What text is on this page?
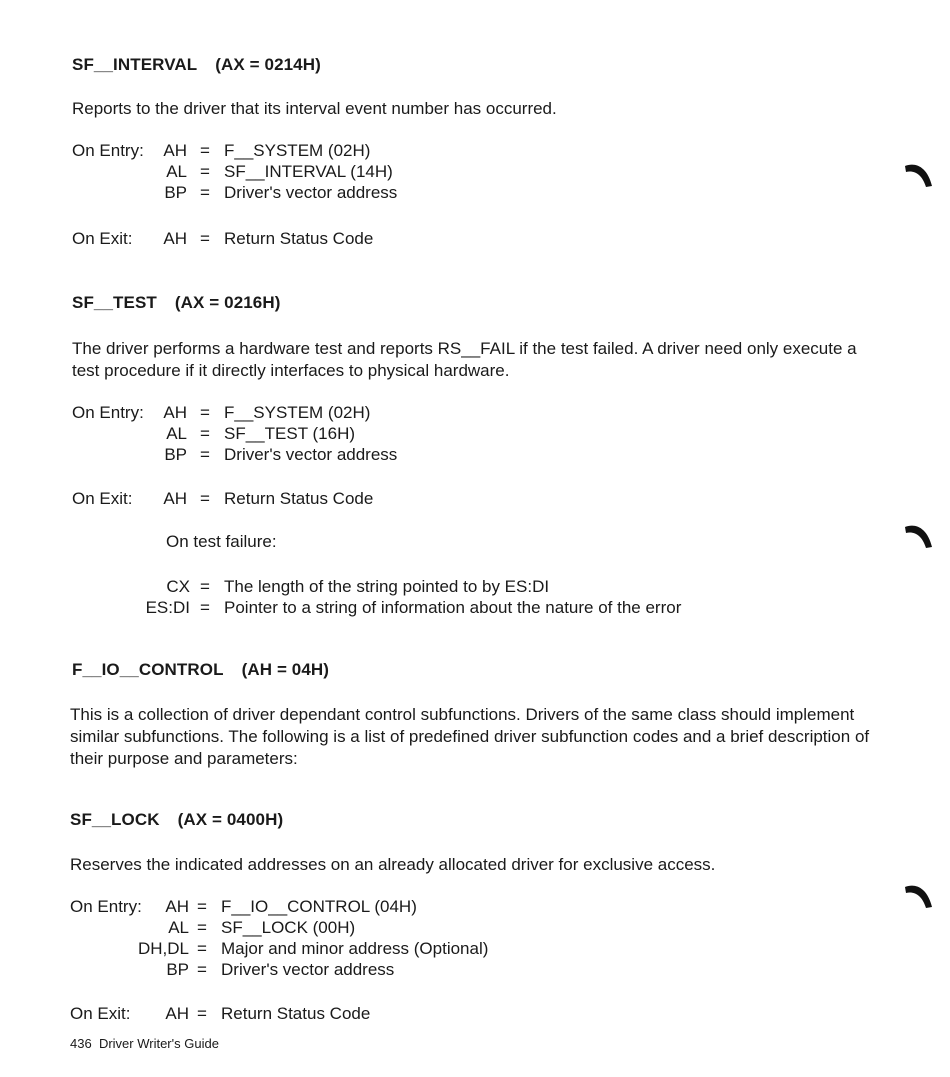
SF__INTERVAL (AX = 0214H)
Reports to the driver that its interval event number has occurred.
On Entry: AH = F__SYSTEM (02H)
AL = SF__INTERVAL (14H)
BP = Driver's vector address
On Exit: AH = Return Status Code
SF__TEST (AX = 0216H)
The driver performs a hardware test and reports RS__FAIL if the test failed. A driver need only execute a test procedure if it directly interfaces to physical hardware.
On Entry: AH = F__SYSTEM (02H)
AL = SF__TEST (16H)
BP = Driver's vector address
On Exit: AH = Return Status Code
On test failure:
CX = The length of the string pointed to by ES:DI
ES:DI = Pointer to a string of information about the nature of the error
F__IO__CONTROL (AH = 04H)
This is a collection of driver dependant control subfunctions. Drivers of the same class should implement similar subfunctions. The following is a list of predefined driver subfunction codes and a brief description of their purpose and parameters:
SF__LOCK (AX = 0400H)
Reserves the indicated addresses on an already allocated driver for exclusive access.
On Entry: AH = F__IO__CONTROL (04H)
AL = SF__LOCK (00H)
DH,DL = Major and minor address (Optional)
BP = Driver's vector address
On Exit: AH = Return Status Code
436 Driver Writer's Guide
